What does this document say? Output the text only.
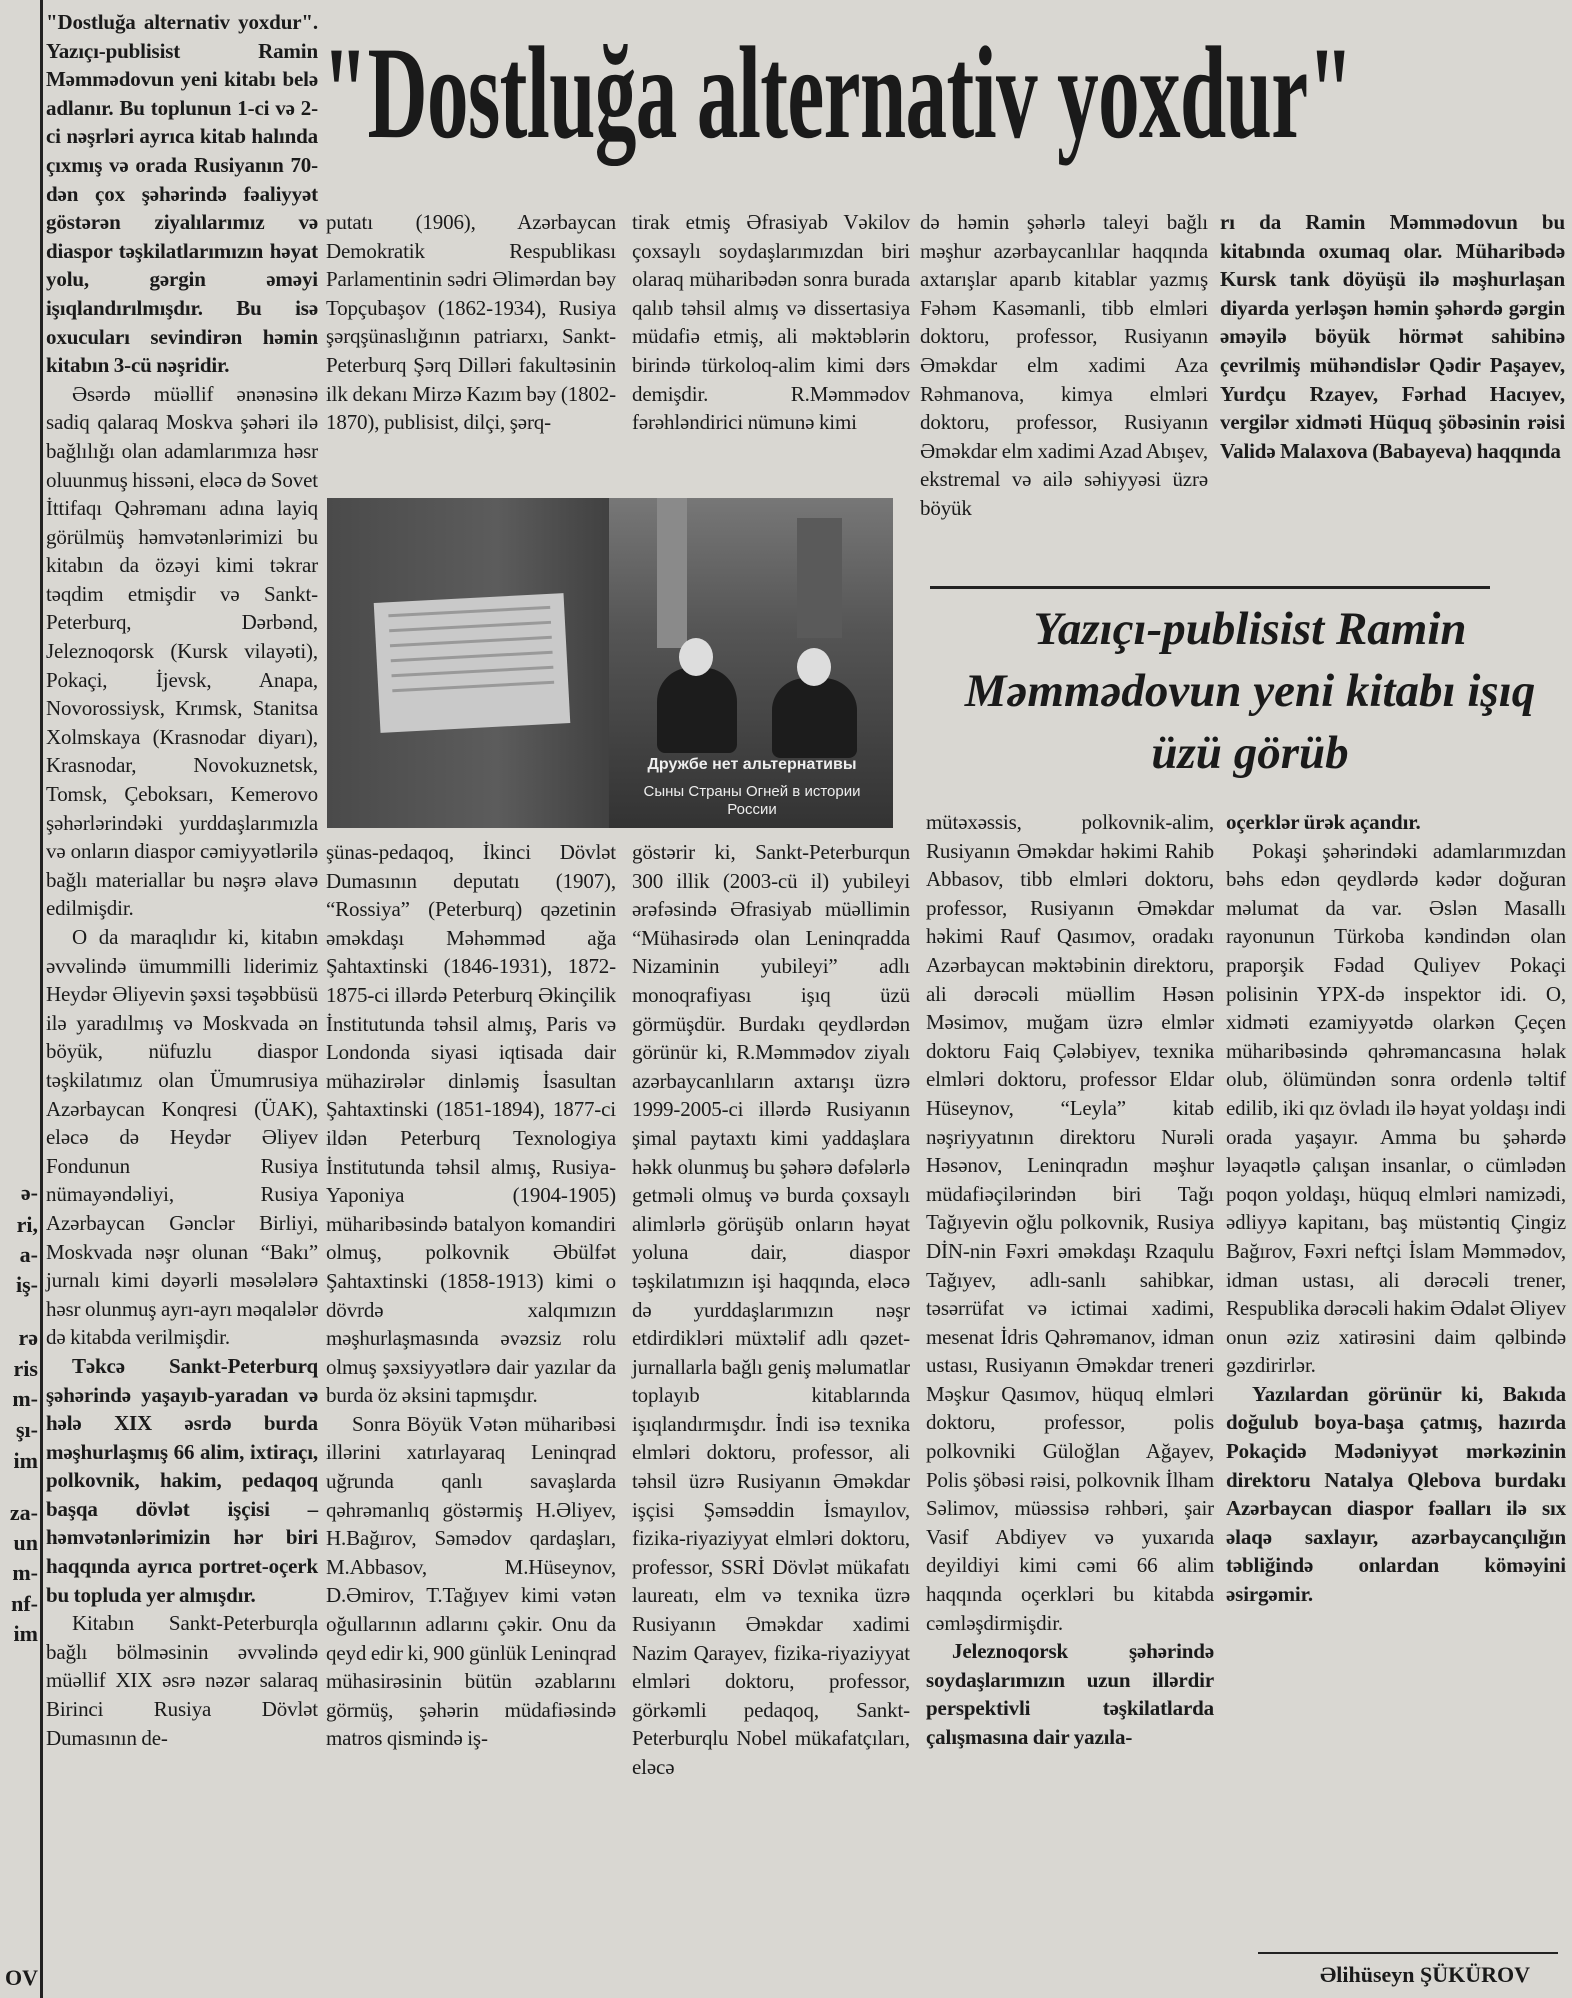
ə-
ri,
a-
iş-
rə
ris
m-
şı-
im
za-
un
m-
nf-
im
OV
"Dostluğa alternativ yoxdur"

"Dostluğa alternativ yoxdur". Yazıçı-publisist Ramin Məmmədovun yeni kitabı belə adlanır. Bu toplunun 1-ci və 2-ci nəşrləri ayrıca kitab halında çıxmış və orada Rusiyanın 70-dən çox şəhərində fəaliyyət göstərən ziyalılarımız və diaspor təşkilatlarımızın həyat yolu, gərgin əməyi işıqlandırılmışdır. Bu isə oxucuları sevindirən həmin kitabın 3-cü nəşridir.

Əsərdə müəllif ənənəsinə sadiq qalaraq Moskva şəhəri ilə bağlılığı olan adamlarımıza həsr oluunmuş hissəni, eləcə də Sovet İttifaqı Qəhrəmanı adına layiq görülmüş həmvətənlərimizi bu kitabın da özəyi kimi təkrar təqdim etmişdir və Sankt-Peterburq, Dərbənd, Jeleznoqorsk (Kursk vilayəti), Pokaçi, İjevsk, Anapa, Novorossiysk, Krımsk, Stanitsa Xolmskaya (Krasnodar diyarı), Krasnodar, Novokuznetsk, Tomsk, Çeboksarı, Kemerovo şəhərlərindəki yurddaşlarımızla və onların diaspor cəmiyyətlərilə bağlı materiallar bu nəşrə əlavə edilmişdir.

O da maraqlıdır ki, kitabın əvvəlində ümummilli liderimiz Heydər Əliyevin şəxsi təşəbbüsü ilə yaradılmış və Moskvada ən böyük, nüfuzlu diaspor təşkilatımız olan Ümumrusiya Azərbaycan Konqresi (ÜAK), eləcə də Heydər Əliyev Fondunun Rusiya nümayəndəliyi, Rusiya Azərbaycan Gənclər Birliyi, Moskvada nəşr olunan “Bakı” jurnalı kimi dəyərli məsələlərə həsr olunmuş ayrı-ayrı məqalələr də kitabda verilmişdir.

Təkcə Sankt-Peterburq şəhərində yaşayıb-yaradan və hələ XIX əsrdə burda məşhurlaşmış 66 alim, ixtiraçı, polkovnik, hakim, pedaqoq başqa dövlət işçisi – həmvətənlərimizin hər biri haqqında ayrıca portret-oçerk bu topluda yer almışdır.

Kitabın Sankt-Peterburqla bağlı bölməsinin əvvəlində müəllif XIX əsrə nəzər salaraq Birinci Rusiya Dövlət Dumasının de-

putatı (1906), Azərbaycan Demokratik Respublikası Parlamentinin sədri Əlimərdan bəy Topçubaşov (1862-1934), Rusiya şərqşünaslığının patriarxı, Sankt-Peterburq Şərq Dilləri fakultəsinin ilk dekanı Mirzə Kazım bəy (1802-1870), publisist, dilçi, şərq-

tirak etmiş Əfrasiyab Vəkilov çoxsaylı soydaşlarımızdan biri olaraq müharibədən sonra burada qalıb təhsil almış və dissertasiya müdafiə etmiş, ali məktəblərin birində türkoloq-alim kimi dərs demişdir. R.Məmmədov fərəhləndirici nümunə kimi

də həmin şəhərlə taleyi bağlı məşhur azərbaycanlılar haqqında axtarışlar aparıb kitablar yazmış Fəhəm Kasəmanli, tibb elmləri doktoru, professor, Rusiyanın Əməkdar elm xadimi Aza Rəhmanova, kimya elmləri doktoru, professor, Rusiyanın Əməkdar elm xadimi Azad Abışev, ekstremal və ailə səhiyyəsi üzrə böyük

rı da Ramin Məmmədovun bu kitabında oxumaq olar. Müharibədə Kursk tank döyüşü ilə məşhurlaşan diyarda yerləşən həmin şəhərdə gərgin əməyilə böyük hörmət sahibinə çevrilmiş mühəndislər Qədir Paşayev, Yurdçu Rzayev, Fərhad Hacıyev, vergilər xidməti Hüquq şöbəsinin rəisi Validə Malaxova (Babayeva) haqqında

Yazıçı-publisist Ramin Məmmədovun yeni kitabı işıq üzü görüb
Дружбе нет альтернативы
Сыны Страны Огней в истории России

şünas-pedaqoq, İkinci Dövlət Dumasının deputatı (1907), “Rossiya” (Peterburq) qəzetinin əməkdaşı Məhəmməd ağa Şahtaxtinski (1846-1931), 1872-1875-ci illərdə Peterburq Əkinçilik İnstitutunda təhsil almış, Paris və Londonda siyasi iqtisada dair mühazirələr dinləmiş İsasultan Şahtaxtinski (1851-1894), 1877-ci ildən Peterburq Texnologiya İnstitutunda təhsil almış, Rusiya-Yaponiya (1904-1905) müharibəsində batalyon komandiri olmuş, polkovnik Əbülfət Şahtaxtinski (1858-1913) kimi o dövrdə xalqımızın məşhurlaşmasında əvəzsiz rolu olmuş şəxsiyyətlərə dair yazılar da burda öz əksini tapmışdır.

Sonra Böyük Vətən müharibəsi illərini xatırlayaraq Leninqrad uğrunda qanlı savaşlarda qəhrəmanlıq göstərmiş H.Əliyev, H.Bağırov, Səmədov qardaşları, M.Abbasov, M.Hüseynov, D.Əmirov, T.Tağıyev kimi vətən oğullarının adlarını çəkir. Onu da qeyd edir ki, 900 günlük Leninqrad mühasirəsinin bütün əzablarını görmüş, şəhərin müdafiəsində matros qismində iş-

göstərir ki, Sankt-Peterburqun 300 illik (2003-cü il) yubileyi ərəfəsində Əfrasiyab müəllimin “Mühasirədə olan Leninqradda Nizaminin yubileyi” adlı monoqrafiyası işıq üzü görmüşdür. Burdakı qeydlərdən görünür ki, R.Məmmədov ziyalı azərbaycanlıların axtarışı üzrə 1999-2005-ci illərdə Rusiyanın şimal paytaxtı kimi yaddaşlara həkk olunmuş bu şəhərə dəfələrlə getməli olmuş və burda çoxsaylı alimlərlə görüşüb onların həyat yoluna dair, diaspor təşkilatımızın işi haqqında, eləcə də yurddaşlarımızın nəşr etdirdikləri müxtəlif adlı qəzet-jurnallarla bağlı geniş məlumatlar toplayıb kitablarında işıqlandırmışdır. İndi isə texnika elmləri doktoru, professor, ali təhsil üzrə Rusiyanın Əməkdar işçisi Şəmsəddin İsmayılov, fizika-riyaziyyat elmləri doktoru, professor, SSRİ Dövlət mükafatı laureatı, elm və texnika üzrə Rusiyanın Əməkdar xadimi Nazim Qarayev, fizika-riyaziyyat elmləri doktoru, professor, görkəmli pedaqoq, Sankt-Peterburqlu Nobel mükafatçıları, eləcə

mütəxəssis, polkovnik-alim, Rusiyanın Əməkdar həkimi Rahib Abbasov, tibb elmləri doktoru, professor, Rusiyanın Əməkdar həkimi Rauf Qasımov, oradakı Azərbaycan məktəbinin direktoru, ali dərəcəli müəllim Həsən Məsimov, muğam üzrə elmlər doktoru Faiq Çələbiyev, texnika elmləri doktoru, professor Eldar Hüseynov, “Leyla” kitab nəşriyyatının direktoru Nurəli Həsənov, Leninqradın məşhur müdafiəçilərindən biri Tağı Tağıyevin oğlu polkovnik, Rusiya DİN-nin Fəxri əməkdaşı Rzaqulu Tağıyev, adlı-sanlı sahibkar, təsərrüfat və ictimai xadimi, mesenat İdris Qəhrəmanov, idman ustası, Rusiyanın Əməkdar treneri Məşkur Qasımov, hüquq elmləri doktoru, professor, polis polkovniki Güloğlan Ağayev, Polis şöbəsi rəisi, polkovnik İlham Səlimov, müəssisə rəhbəri, şair Vasif Abdiyev və yuxarıda deyildiyi kimi cəmi 66 alim haqqında oçerkləri bu kitabda cəmləşdirmişdir.

Jeleznoqorsk şəhərində soydaşlarımızın uzun illərdir perspektivli təşkilatlarda çalışmasına dair yazıla-

oçerklər ürək açandır.

Pokaşi şəhərindəki adamlarımızdan bəhs edən qeydlərdə kədər doğuran məlumat da var. Əslən Masallı rayonunun Türkoba kəndindən olan praporşik Fədad Quliyev Pokaçi polisinin YPX-də inspektor idi. O, xidməti ezamiyyətdə olarkən Çeçen müharibəsində qəhrəmancasına həlak olub, ölümündən sonra ordenlə təltif edilib, iki qız övladı ilə həyat yoldaşı indi orada yaşayır. Amma bu şəhərdə ləyaqətlə çalışan insanlar, o cümlədən poqon yoldaşı, hüquq elmləri namizədi, ədliyyə kapitanı, baş müstəntiq Çingiz Bağırov, Fəxri neftçi İslam Məmmədov, idman ustası, ali dərəcəli trener, Respublika dərəcəli hakim Ədalət Əliyev onun əziz xatirəsini daim qəlbində gəzdirirlər.

Yazılardan görünür ki, Bakıda doğulub boya-başa çatmış, hazırda Pokaçidə Mədəniyyət mərkəzinin direktoru Natalya Qlebova burdakı Azərbaycan diaspor fəalları ilə sıx əlaqə saxlayır, azərbaycançılığın təbliğində onlardan köməyini əsirgəmir.

Əlihüseyn ŞÜKÜROV
